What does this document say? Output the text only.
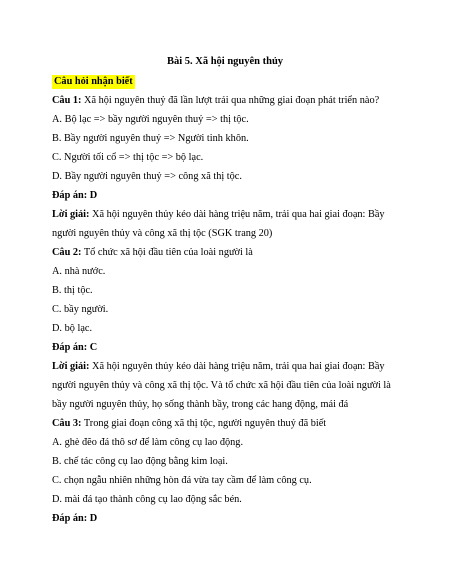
Bài 5. Xã hội nguyên thủy
Câu hỏi nhận biết
Câu 1: Xã hội nguyên thuỷ đã lần lượt trải qua những giai đoạn phát triển nào?
A. Bộ lạc => bầy người nguyên thuỷ => thị tộc.
B. Bầy người nguyên thuỷ => Người tinh khôn.
C. Người tối cổ => thị tộc => bộ lạc.
D. Bầy người nguyên thuỷ => công xã thị tộc.
Đáp án: D
Lời giải: Xã hội nguyên thủy kéo dài hàng triệu năm, trải qua hai giai đoạn: Bầy
người nguyên thủy và công xã thị tộc (SGK trang 20)
Câu 2: Tổ chức xã hội đầu tiên của loài người là
A. nhà nước.
B. thị tộc.
C. bầy người.
D. bộ lạc.
Đáp án: C
Lời giải: Xã hội nguyên thủy kéo dài hàng triệu năm, trải qua hai giai đoạn: Bầy
người nguyên thủy và công xã thị tộc. Và tổ chức xã hội đầu tiên của loài người là
bầy người nguyên thủy, họ sống thành bầy, trong các hang động, mái đá
Câu 3: Trong giai đoạn công xã thị tộc, người nguyên thuỷ đã biết
A. ghè đẽo đá thô sơ để làm công cụ lao động.
B. chế tác công cụ lao động bằng kim loại.
C. chọn ngẫu nhiên những hòn đá vừa tay cầm để làm công cụ.
D. mài đá tạo thành công cụ lao động sắc bén.
Đáp án: D
